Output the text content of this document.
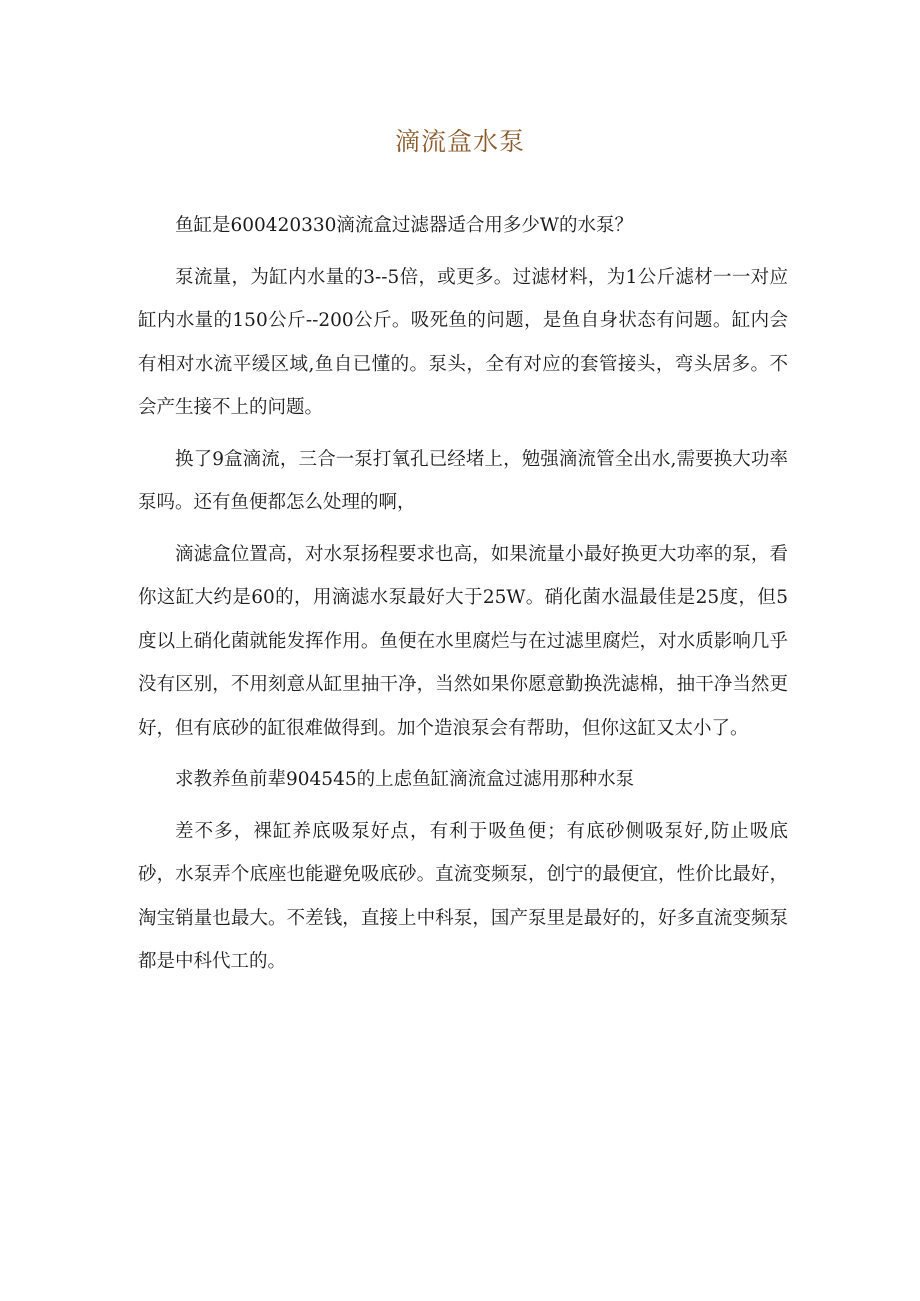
滴流盒水泵

鱼缸是600420330滴流盒过滤器适合用多少W的水泵？

泵流量，为缸内水量的3--5倍，或更多。过滤材料，为1公斤滤材一一对应缸内水量的150公斤--200公斤。吸死鱼的问题，是鱼自身状态有问题。缸内会有相对水流平缓区域,鱼自已懂的。泵头，全有对应的套管接头，弯头居多。不会产生接不上的问题。

换了9盒滴流，三合一泵打氧孔已经堵上，勉强滴流管全出水,需要换大功率泵吗。还有鱼便都怎么处理的啊，

滴滤盒位置高，对水泵扬程要求也高，如果流量小最好换更大功率的泵，看你这缸大约是60的，用滴滤水泵最好大于25W。硝化菌水温最佳是25度，但5度以上硝化菌就能发挥作用。鱼便在水里腐烂与在过滤里腐烂，对水质影响几乎没有区别，不用刻意从缸里抽干净，当然如果你愿意勤换洗滤棉，抽干净当然更好，但有底砂的缸很难做得到。加个造浪泵会有帮助，但你这缸又太小了。

求教养鱼前辈904545的上虑鱼缸滴流盒过滤用那种水泵

差不多，裸缸养底吸泵好点，有利于吸鱼便；有底砂侧吸泵好,防止吸底砂，水泵弄个底座也能避免吸底砂。直流变频泵，创宁的最便宜，性价比最好，淘宝销量也最大。不差钱，直接上中科泵，国产泵里是最好的，好多直流变频泵都是中科代工的。
